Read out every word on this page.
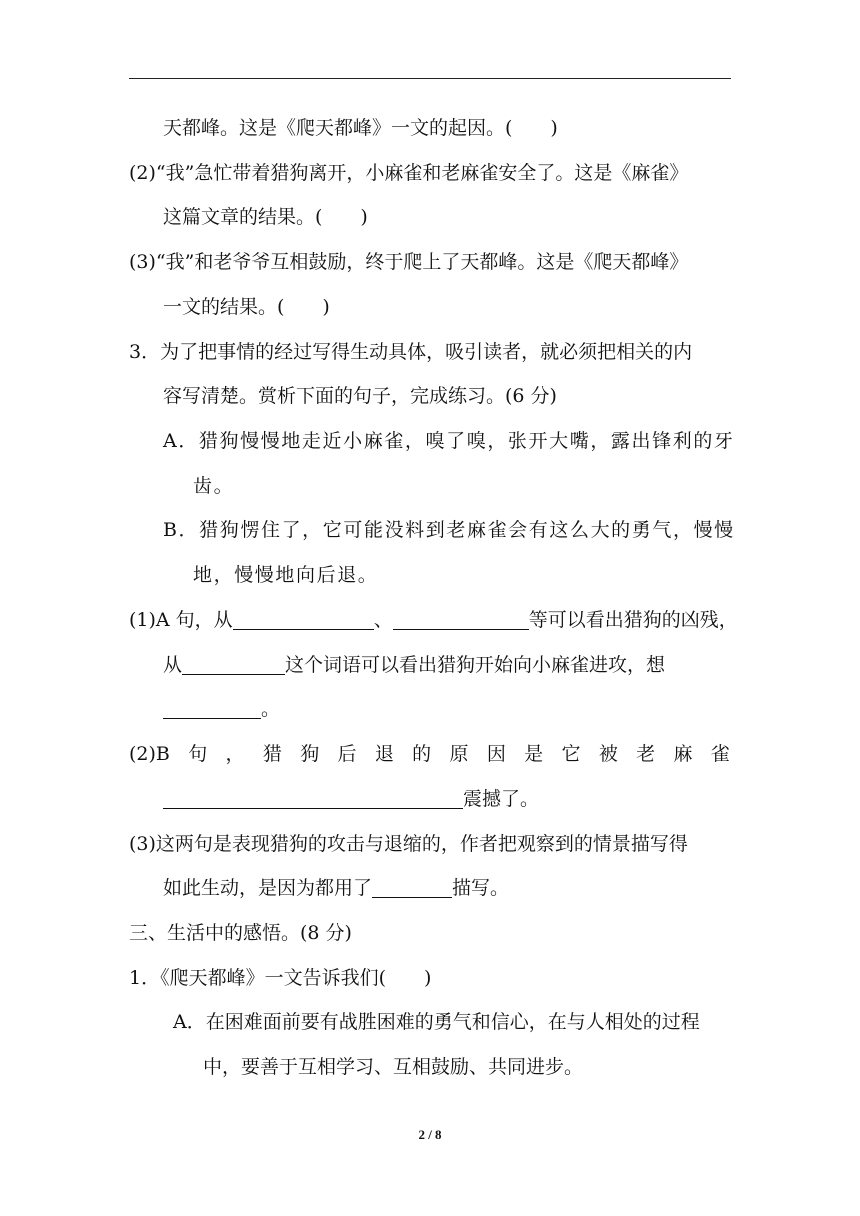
天都峰。这是《爬天都峰》一文的起因。(　　)
(2)“我”急忙带着猎狗离开，小麻雀和老麻雀安全了。这是《麻雀》
这篇文章的结果。(　　)
(3)“我”和老爷爷互相鼓励，终于爬上了天都峰。这是《爬天都峰》
一文的结果。(　　)
3．为了把事情的经过写得生动具体，吸引读者，就必须把相关的内
容写清楚。赏析下面的句子，完成练习。(6 分)
A．猎狗慢慢地走近小麻雀，嗅了嗅，张开大嘴，露出锋利的牙
齿。
B．猎狗愣住了，它可能没料到老麻雀会有这么大的勇气，慢慢
地，慢慢地向后退。
(1)A 句，从	、	等可以看出猎狗的凶残，
从	这个词语可以看出猎狗开始向小麻雀进攻，想
。
(2)B 句 ， 猎 狗 后 退 的 原 因 是 它 被 老 麻 雀
震撼了。
(3)这两句是表现猎狗的攻击与退缩的，作者把观察到的情景描写得
如此生动，是因为都用了	描写。
三、生活中的感悟。(8 分)
1．《爬天都峰》一文告诉我们(　　)
A．在困难面前要有战胜困难的勇气和信心，在与人相处的过程
中，要善于互相学习、互相鼓励、共同进步。
2 / 8
